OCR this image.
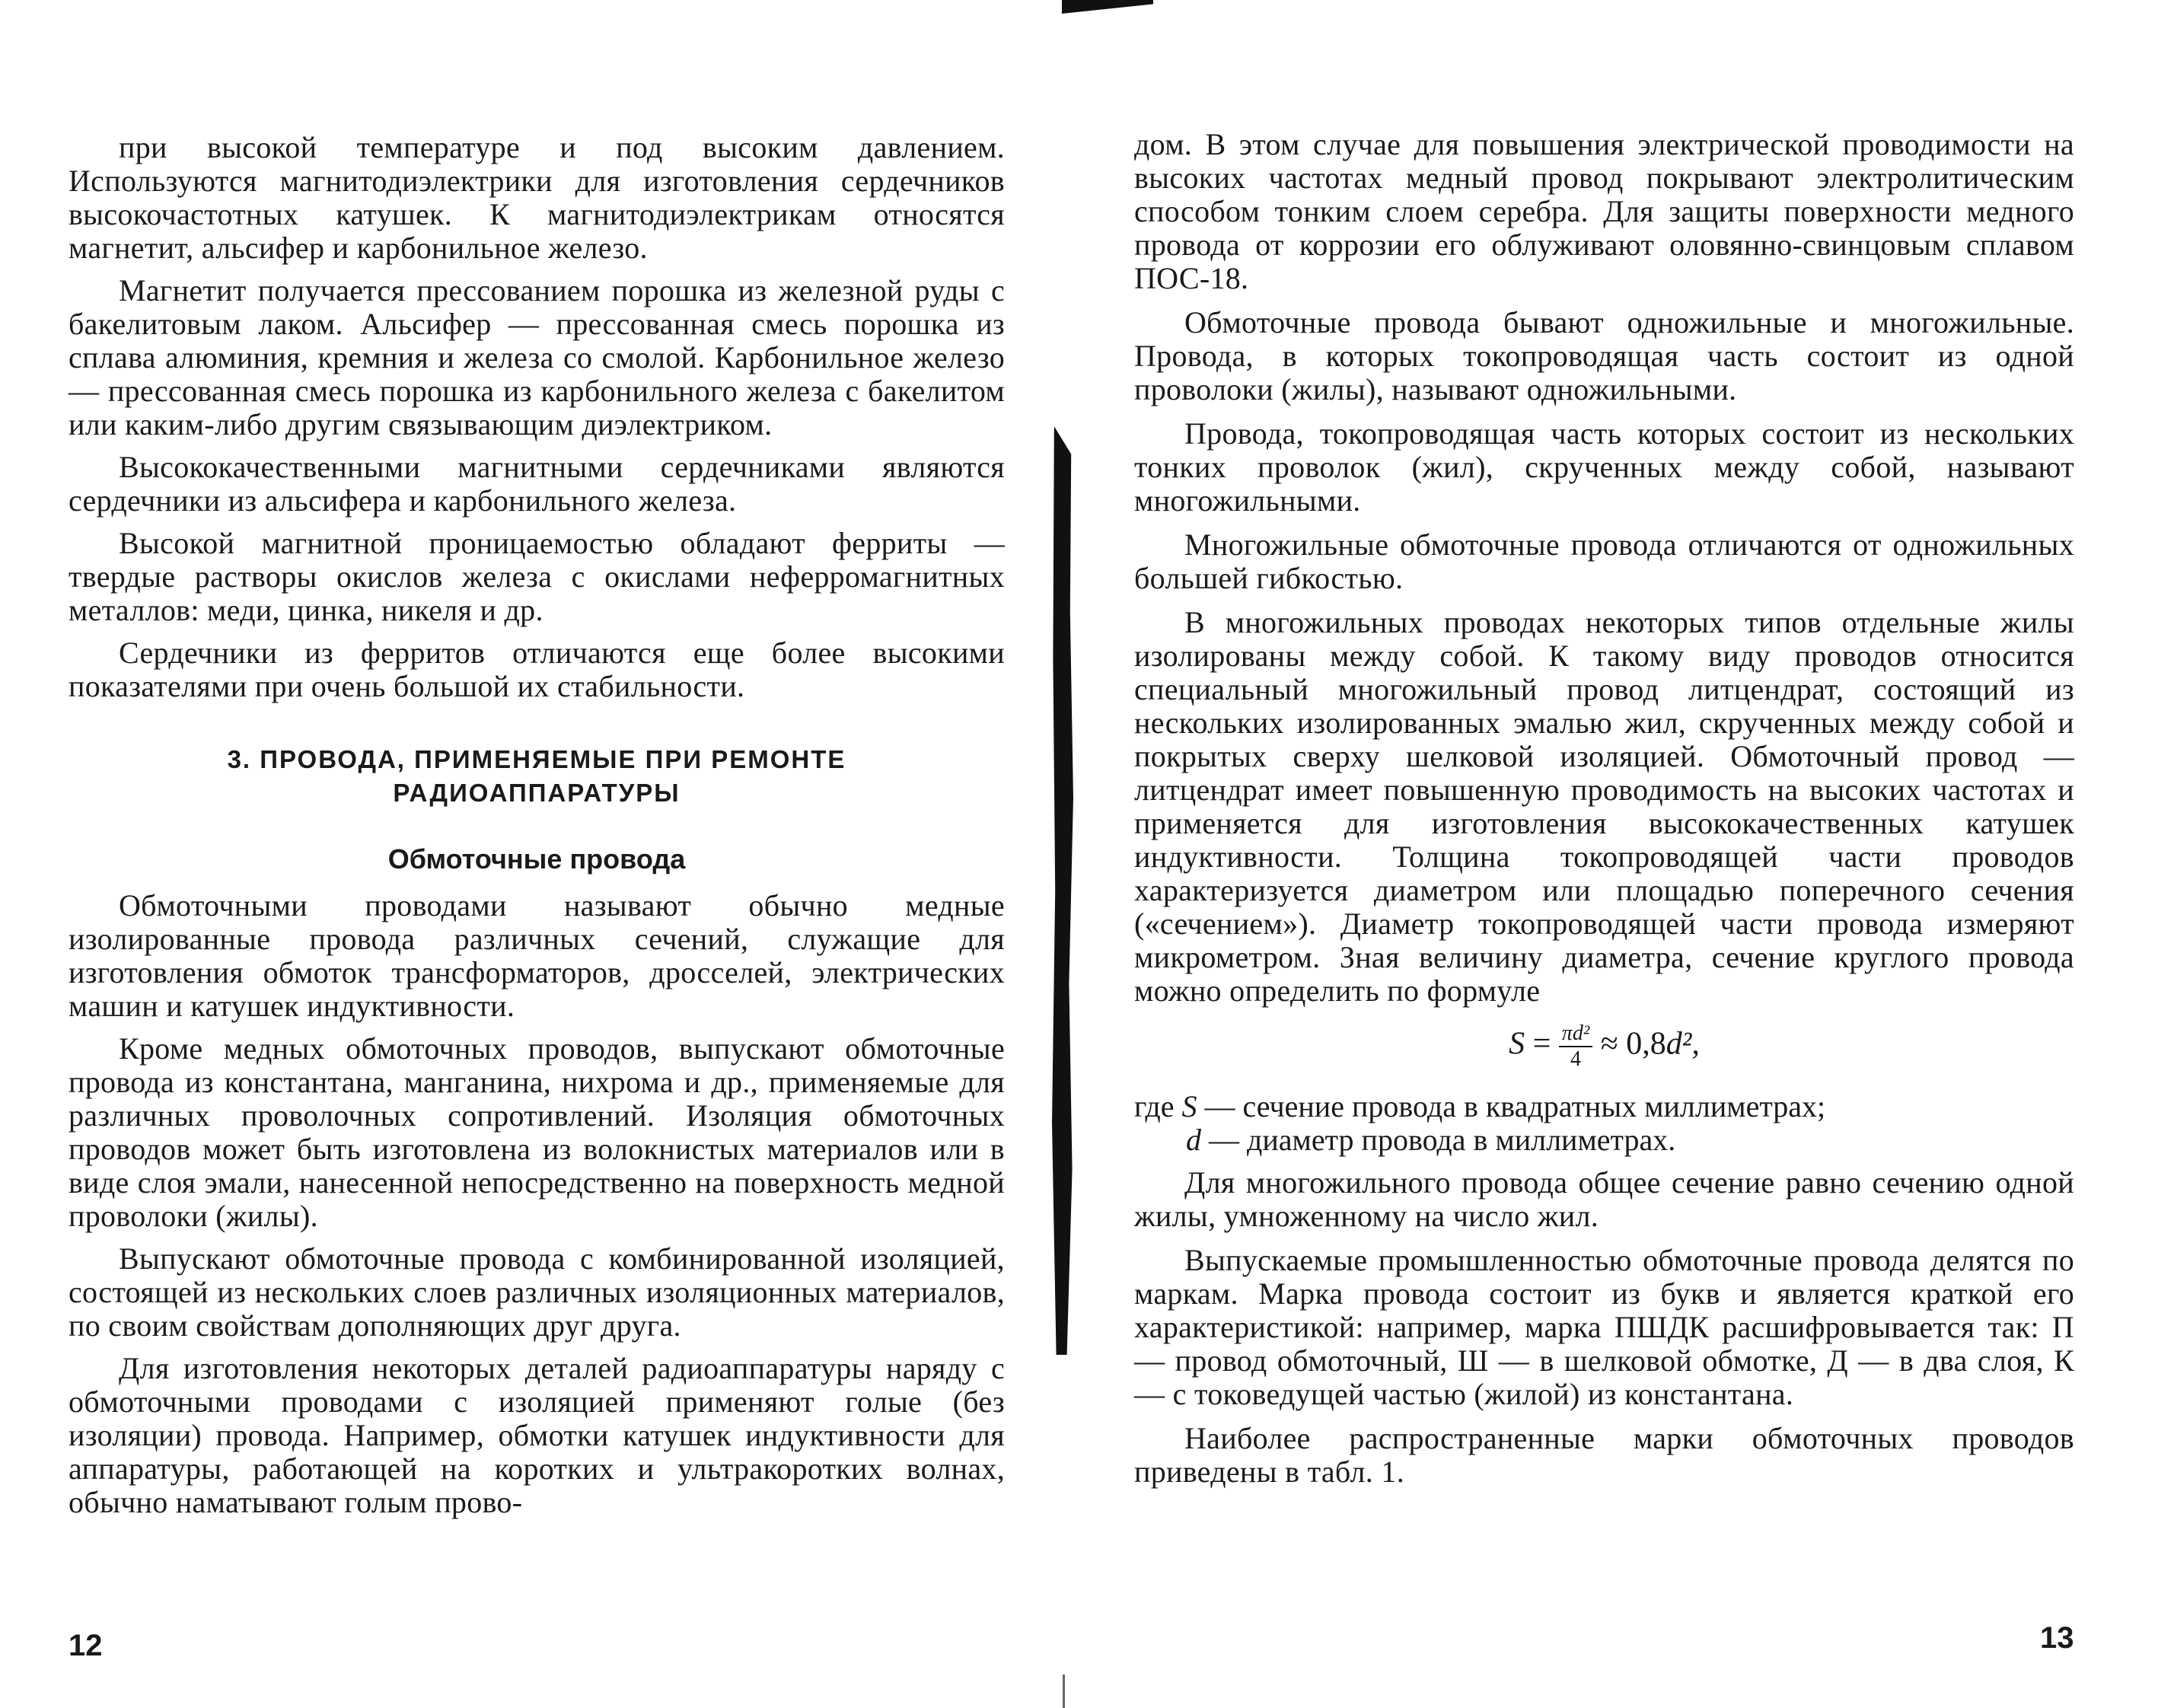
при высокой температуре и под высоким давлением. Используются магнитодиэлектрики для изготовления сердечников высокочастотных катушек. К магнитодиэлектрикам относятся магнетит, альсифер и карбонильное железо.

Магнетит получается прессованием порошка из железной руды с бакелитовым лаком. Альсифер — прессованная смесь порошка из сплава алюминия, кремния и железа со смолой. Карбонильное железо — прессованная смесь порошка из карбонильного железа с бакелитом или каким-либо другим связывающим диэлектриком.

Высококачественными магнитными сердечниками являются сердечники из альсифера и карбонильного железа.

Высокой магнитной проницаемостью обладают ферриты — твердые растворы окислов железа с окислами неферромагнитных металлов: меди, цинка, никеля и др.

Сердечники из ферритов отличаются еще более высокими показателями при очень большой их стабильности.

3. ПРОВОДА, ПРИМЕНЯЕМЫЕ ПРИ РЕМОНТЕ

РАДИОАППАРАТУРЫ

Обмоточные провода

Обмоточными проводами называют обычно медные изолированные провода различных сечений, служащие для изготовления обмоток трансформаторов, дросселей, электрических машин и катушек индуктивности.

Кроме медных обмоточных проводов, выпускают обмоточные провода из константана, манганина, нихрома и др., применяемые для различных проволочных сопротивлений. Изоляция обмоточных проводов может быть изготовлена из волокнистых материалов или в виде слоя эмали, нанесенной непосредственно на поверхность медной проволоки (жилы).

Выпускают обмоточные провода с комбинированной изоляцией, состоящей из нескольких слоев различных изоляционных материалов, по своим свойствам дополняющих друг друга.

Для изготовления некоторых деталей радиоаппаратуры наряду с обмоточными проводами с изоляцией применяют голые (без изоляции) провода. Например, обмотки катушек индуктивности для аппаратуры, работающей на коротких и ультракоротких волнах, обычно наматывают голым прово-

12

дом. В этом случае для повышения электрической проводимости на высоких частотах медный провод покрывают электролитическим способом тонким слоем серебра. Для защиты поверхности медного провода от коррозии его облуживают оловянно-свинцовым сплавом ПОС-18.

Обмоточные провода бывают одножильные и многожильные. Провода, в которых токопроводящая часть состоит из одной проволоки (жилы), называют одножильными.

Провода, токопроводящая часть которых состоит из нескольких тонких проволок (жил), скрученных между собой, называют многожильными.

Многожильные обмоточные провода отличаются от одножильных большей гибкостью.

В многожильных проводах некоторых типов отдельные жилы изолированы между собой. К такому виду проводов относится специальный многожильный провод литцендрат, состоящий из нескольких изолированных эмалью жил, скрученных между собой и покрытых сверху шелковой изоляцией. Обмоточный провод — литцендрат имеет повышенную проводимость на высоких частотах и применяется для изготовления высококачественных катушек индуктивности. Толщина токопроводящей части проводов характеризуется диаметром или площадью поперечного сечения («сечением»). Диаметр токопроводящей части провода измеряют микрометром. Зная величину диаметра, сечение круглого провода можно определить по формуле

$S = \frac{\text{πd²}}{4} \approx 0,8d^2$,
где S — сечение провода в квадратных миллиметрах;
d — диаметр провода в миллиметрах.

Для многожильного провода общее сечение равно сечению одной жилы, умноженному на число жил.

Выпускаемые промышленностью обмоточные провода делятся по маркам. Марка провода состоит из букв и является краткой его характеристикой: например, марка ПШДК расшифровывается так: П — провод обмоточный, Ш — в шелковой обмотке, Д — в два слоя, К — с токоведущей частью (жилой) из константана.

Наиболее распространенные марки обмоточных проводов приведены в табл. 1.

13
